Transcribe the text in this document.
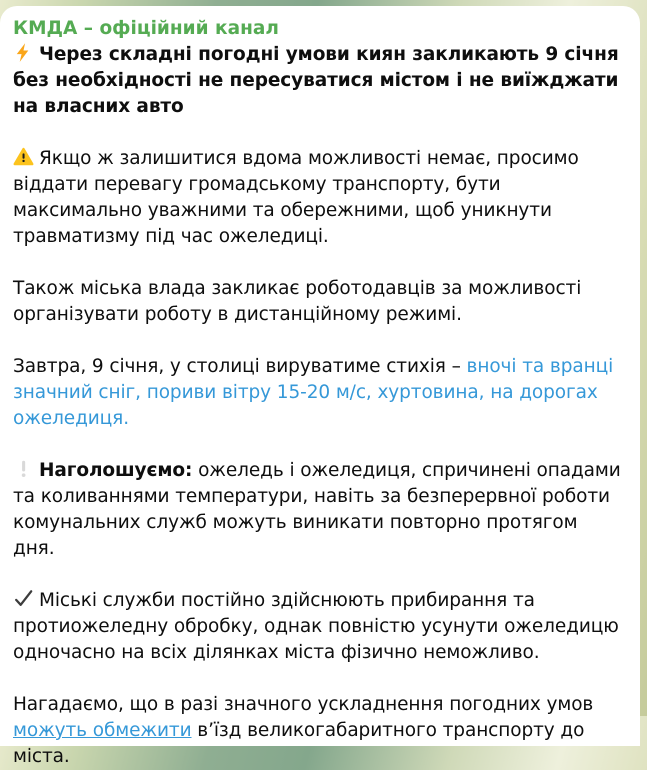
КМДА – офіційний канал

Через складні погодні умови киян закликають 9 січня без необхідності не пересуватися містом і не виїжджати на власних авто

Якщо ж залишитися вдома можливості немає, просимо віддати перевагу громадському транспорту, бути максимально уважними та обережними, щоб уникнути травматизму під час ожеледиці.

Також міська влада закликає роботодавців за можливості організувати роботу в дистанційному режимі.

Завтра, 9 січня, у столиці вируватиме стихія – вночі та вранці значний сніг, пориви вітру 15-20 м/с, хуртовина, на дорогах ожеледиця.

Наголошуємо: ожеледь і ожеледиця, спричинені опадами та коливаннями температури, навіть за безперервної роботи комунальних служб можуть виникати повторно протягом дня.

Міські служби постійно здійснюють прибирання та протиожеледну обробку, однак повністю усунути ожеледицю одночасно на всіх ділянках міста фізично неможливо.

Нагадаємо, що в разі значного ускладнення погодних умов можуть обмежити в’їзд великогабаритного транспорту до міста.
